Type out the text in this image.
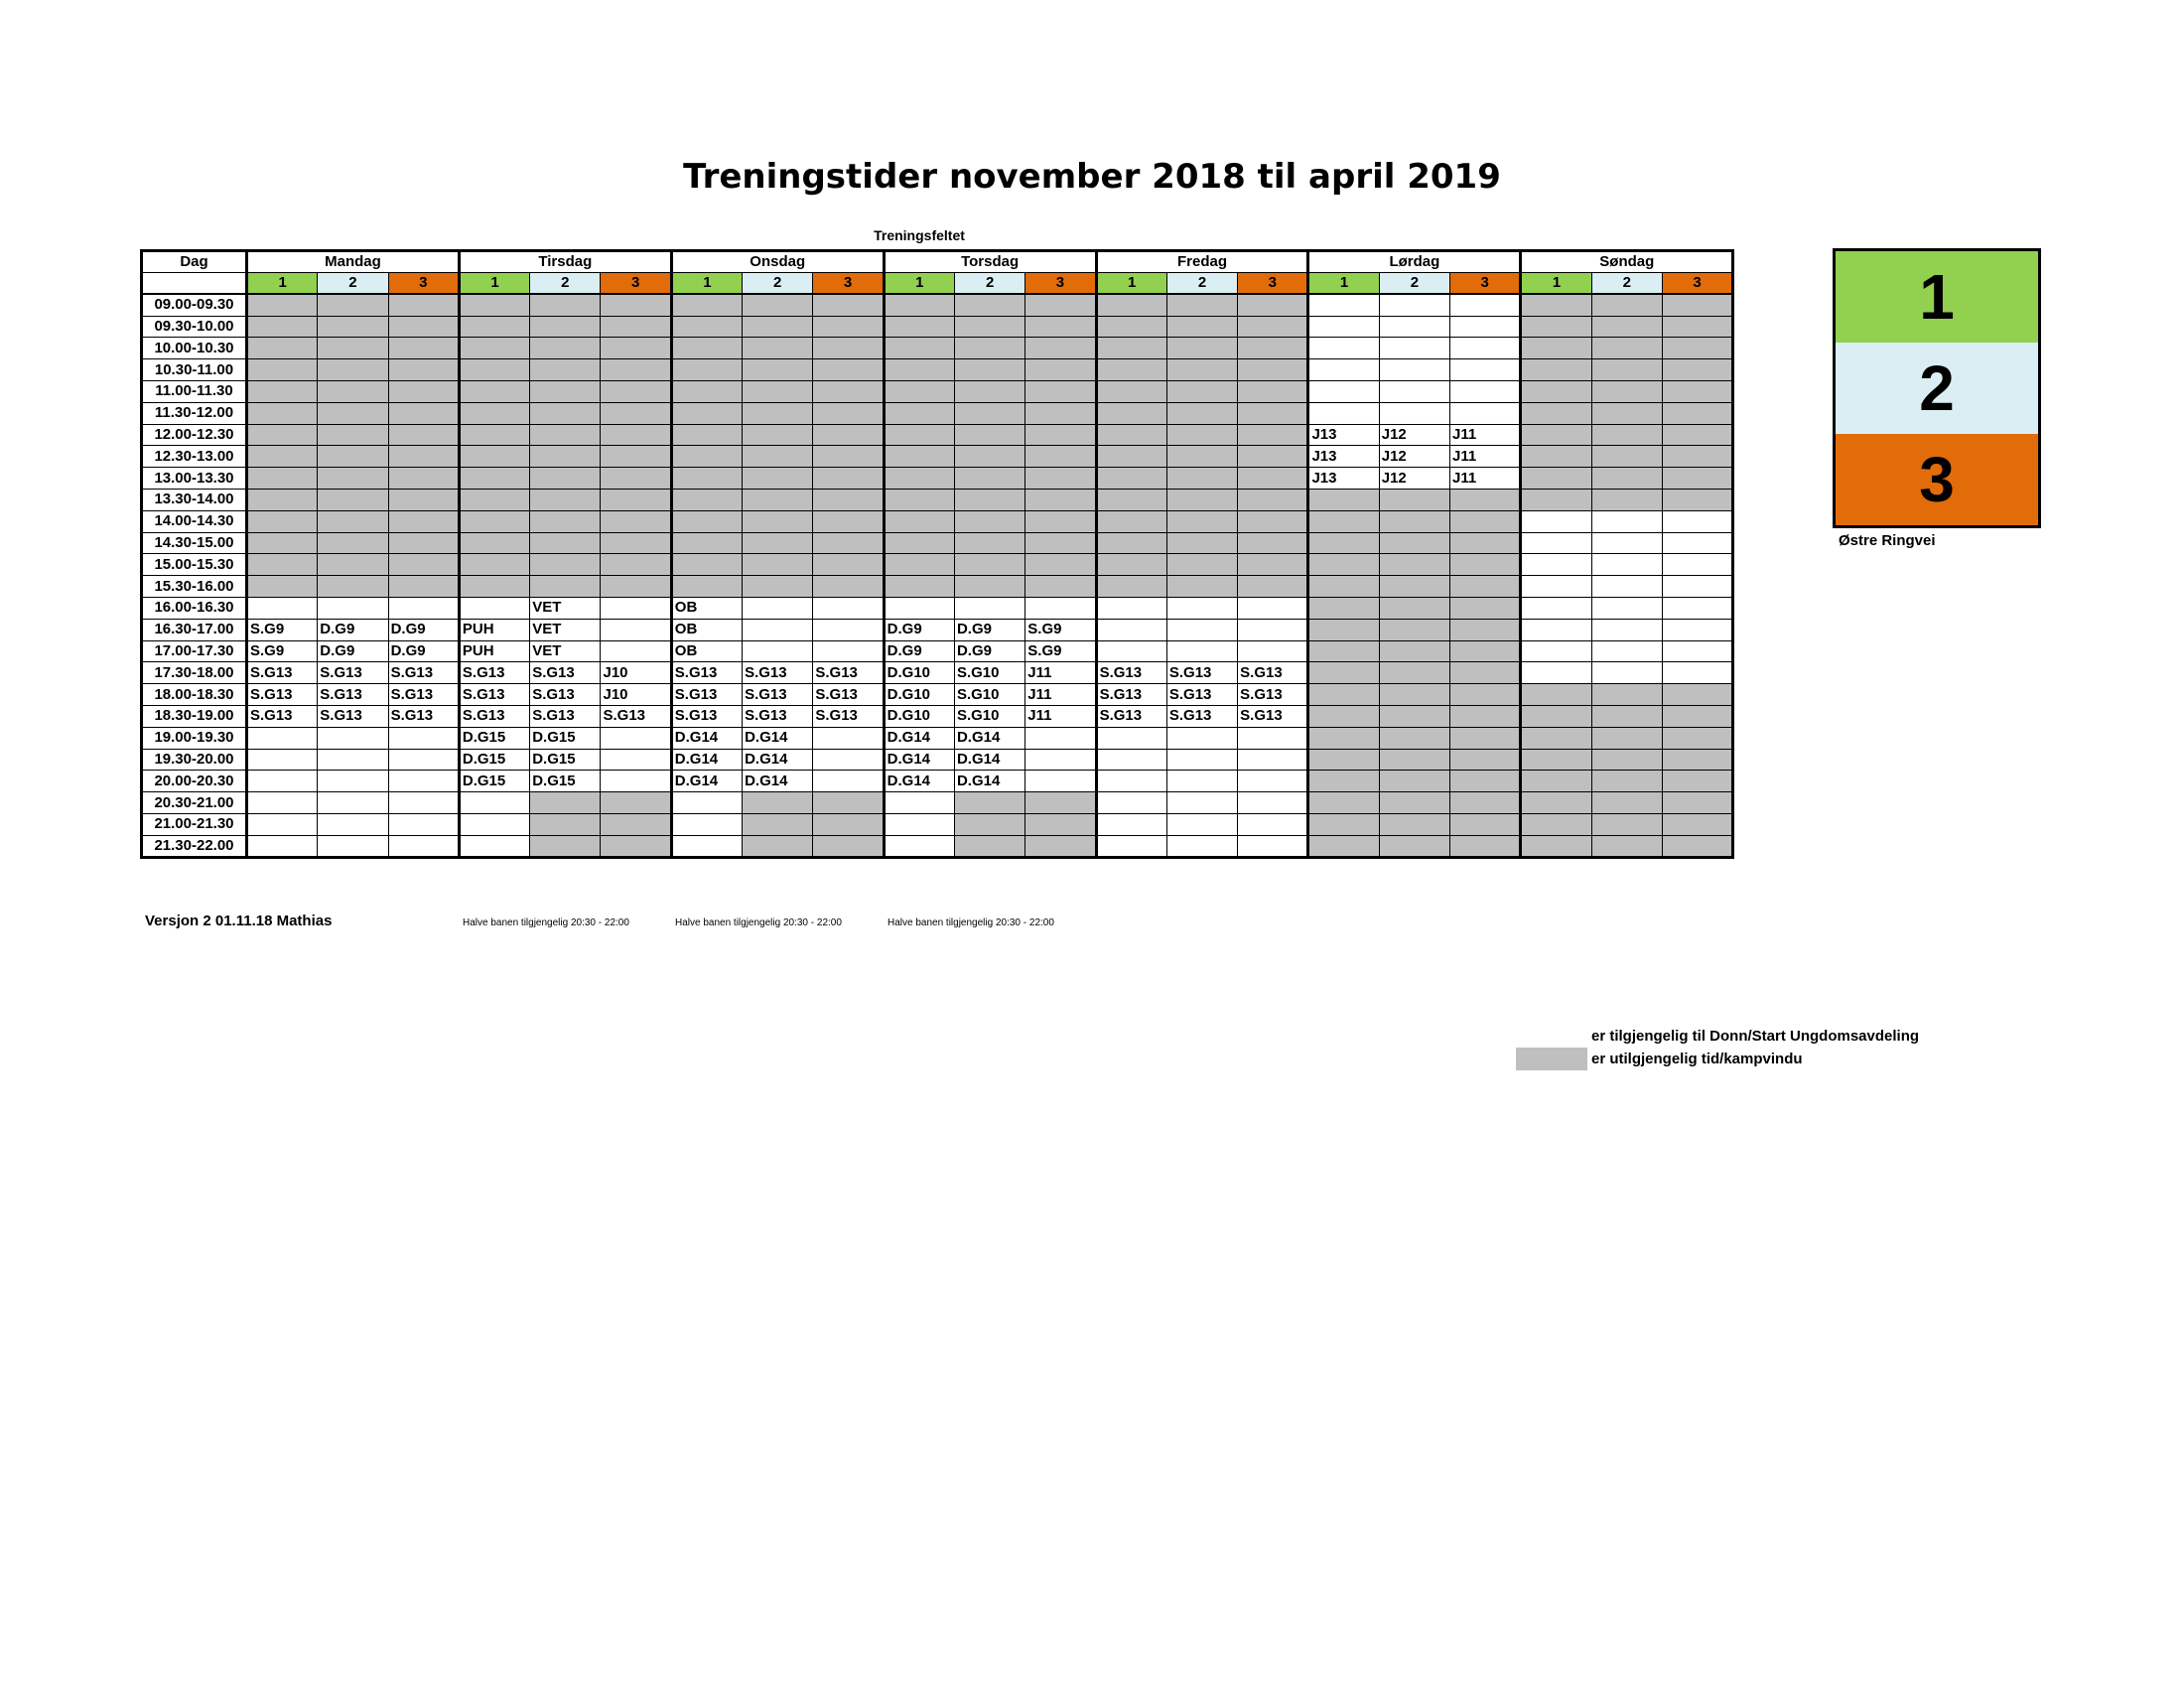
Treningstider november 2018 til april 2019
Treningsfeltet
Dag	Mandag			Tirsdag			Onsdag			Torsdag			Fredag			Lørdag			Søndag		
	1	2	3	1	2	3	1	2	3	1	2	3	1	2	3	1	2	3	1	2	3
09.00-09.30																					
09.30-10.00																					
10.00-10.30																					
10.30-11.00																					
11.00-11.30																					
11.30-12.00																					
12.00-12.30																J13	J12	J11			
12.30-13.00																J13	J12	J11			
13.00-13.30																J13	J12	J11			
13.30-14.00																					
14.00-14.30																					
14.30-15.00																					
15.00-15.30																					
15.30-16.00																					
16.00-16.30					VET		OB														
16.30-17.00	S.G9	D.G9	D.G9	PUH	VET		OB			D.G9	D.G9	S.G9									
17.00-17.30	S.G9	D.G9	D.G9	PUH	VET		OB			D.G9	D.G9	S.G9									
17.30-18.00	S.G13	S.G13	S.G13	S.G13	S.G13	J10	S.G13	S.G13	S.G13	D.G10	S.G10	J11	S.G13	S.G13	S.G13						
18.00-18.30	S.G13	S.G13	S.G13	S.G13	S.G13	J10	S.G13	S.G13	S.G13	D.G10	S.G10	J11	S.G13	S.G13	S.G13						
18.30-19.00	S.G13	S.G13	S.G13	S.G13	S.G13	S.G13	S.G13	S.G13	S.G13	D.G10	S.G10	J11	S.G13	S.G13	S.G13						
19.00-19.30				D.G15	D.G15		D.G14	D.G14		D.G14	D.G14										
19.30-20.00				D.G15	D.G15		D.G14	D.G14		D.G14	D.G14										
20.00-20.30				D.G15	D.G15		D.G14	D.G14		D.G14	D.G14										
20.30-21.00																					
21.00-21.30																					
21.30-22.00																					
Versjon 2 01.11.18 Mathias	Halve banen tilgjengelig 20:30 - 22:00	Halve banen tilgjengelig 20:30 - 22:00	Halve banen tilgjengelig 20:30 - 22:00
1
2
3
Østre Ringvei
er tilgjengelig til Donn/Start Ungdomsavdeling
er utilgjengelig tid/kampvindu
